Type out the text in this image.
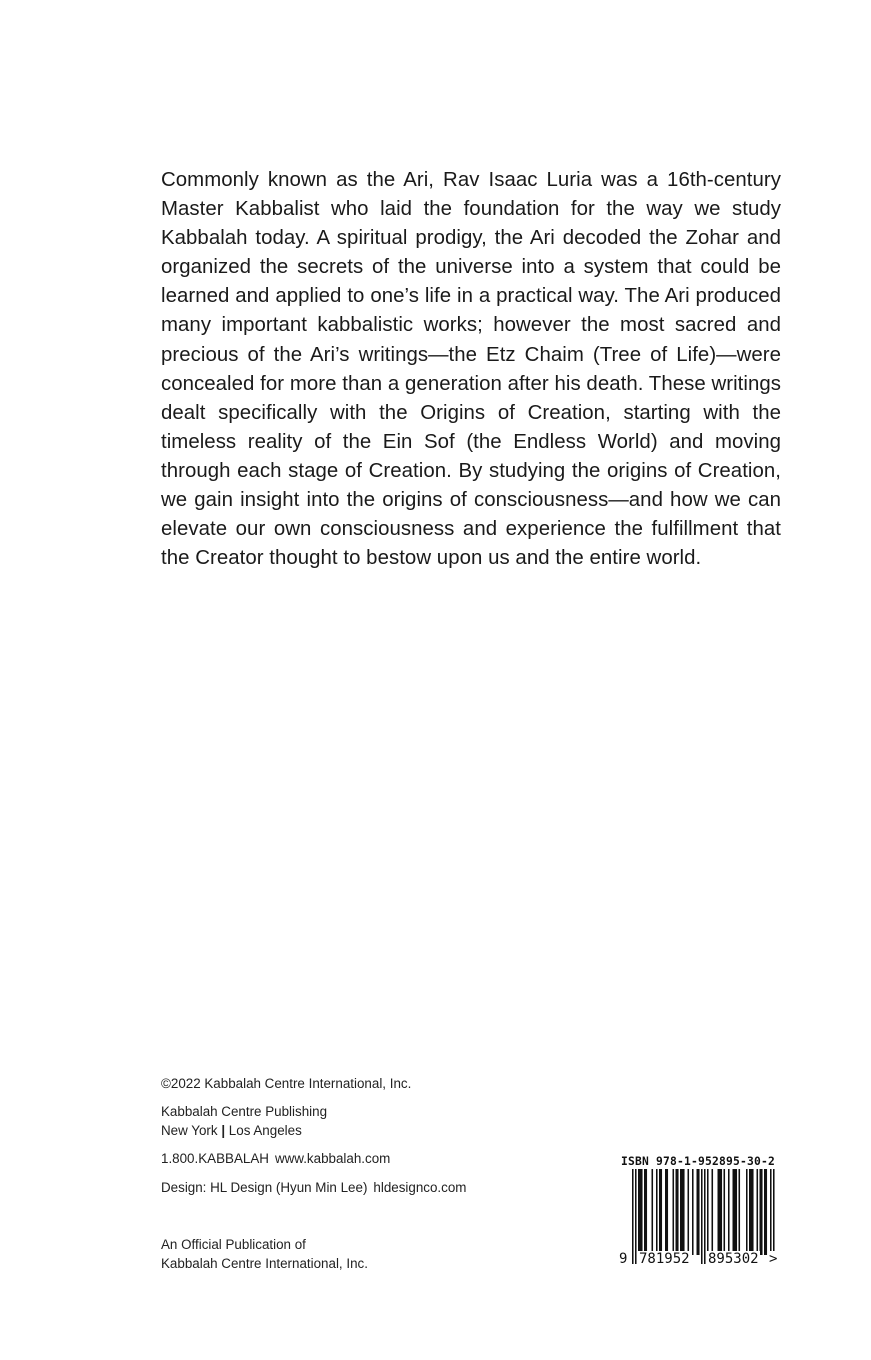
Commonly known as the Ari, Rav Isaac Luria was a 16th-century Master Kabbalist who laid the foundation for the way we study Kabbalah today. A spiritual prodigy, the Ari decoded the Zohar and organized the secrets of the universe into a system that could be learned and applied to one’s life in a practical way. The Ari produced many important kabbalistic works; however the most sacred and precious of the Ari’s writings—the Etz Chaim (Tree of Life)—were concealed for more than a generation after his death. These writings dealt specifically with the Origins of Creation, starting with the timeless reality of the Ein Sof (the Endless World) and moving through each stage of Creation. By studying the origins of Creation, we gain insight into the origins of consciousness—and how we can elevate our own consciousness and experience the fulfillment that the Creator thought to bestow upon us and the entire world.

©2022 Kabbalah Centre International, Inc.
Kabbalah Centre Publishing
New York | Los Angeles
1.800.KABBALAH www.kabbalah.com
Design: HL Design (Hyun Min Lee) hldesignco.com
An Official Publication of
Kabbalah Centre International, Inc.
ISBN 978-1-952895-30-2
9 781952 895302 >
